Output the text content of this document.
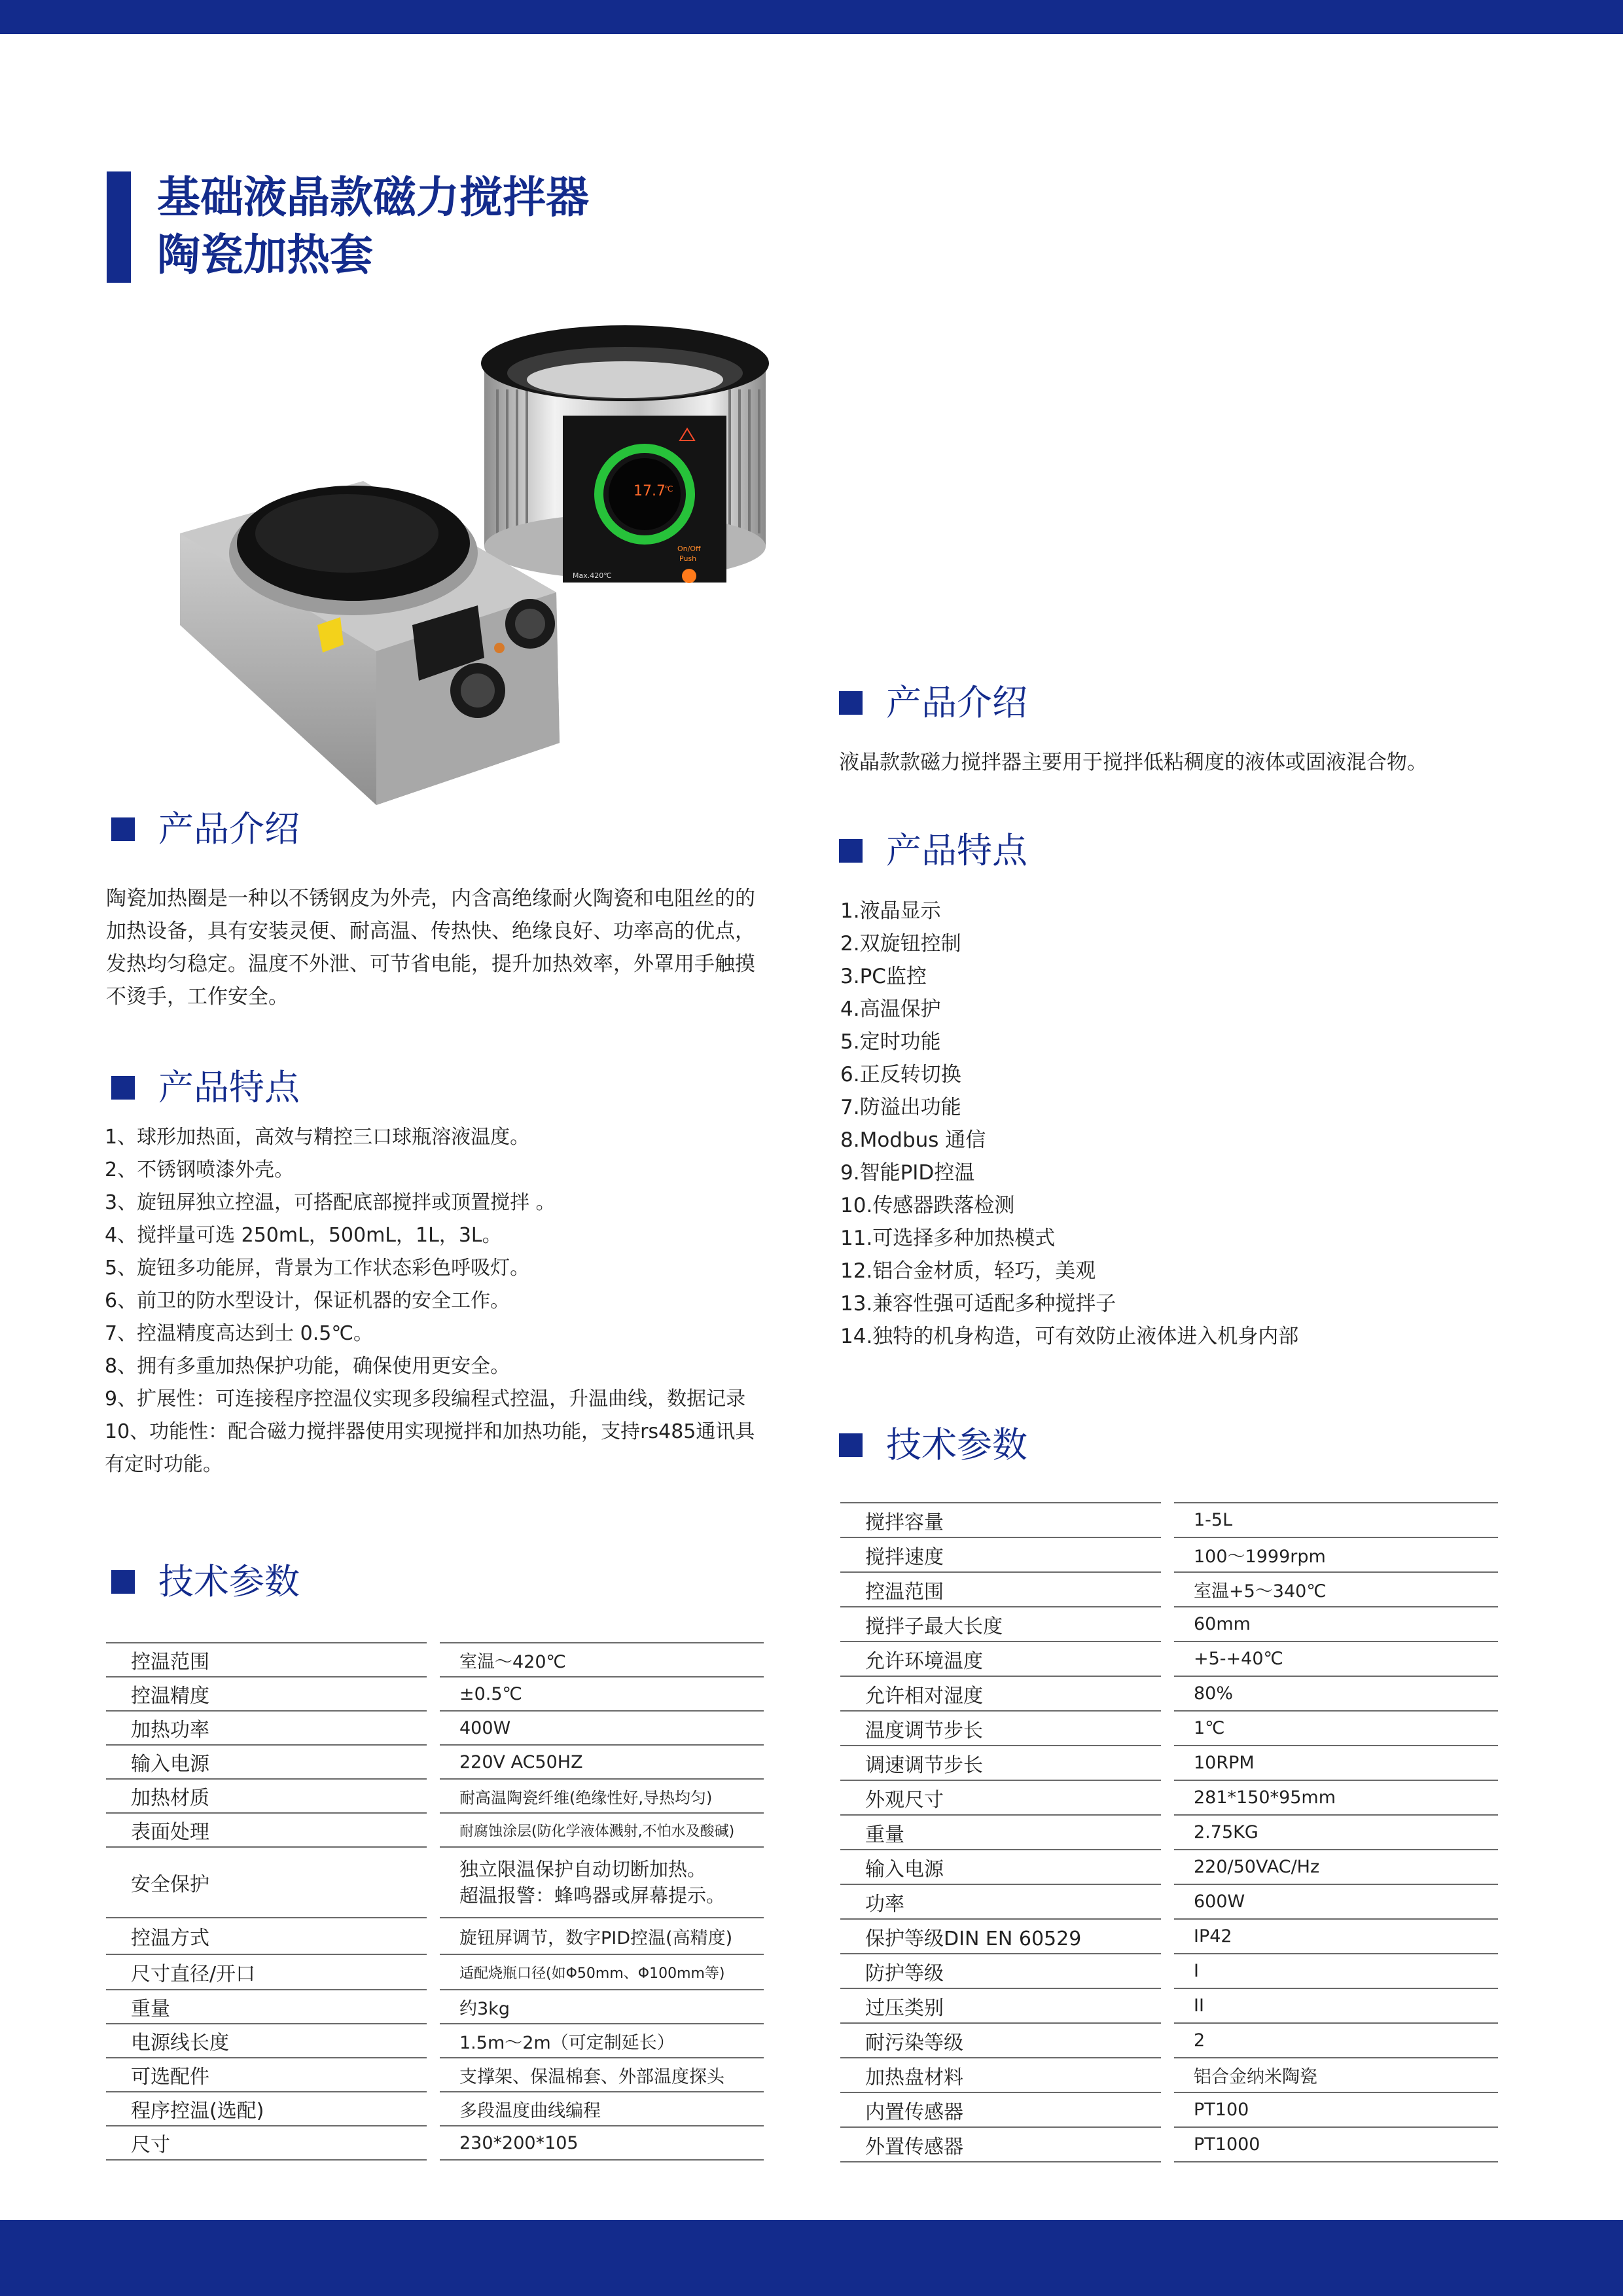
基础液晶款磁力搅拌器
陶瓷加热套
17.7
℃
On/Off
Push
Max.420℃
产品介绍
陶瓷加热圈是一种以不锈钢皮为外壳，内含高绝缘耐火陶瓷和电阻丝的的加热设备，具有安装灵便、耐高温、传热快、绝缘良好、功率高的优点，发热均匀稳定。温度不外泄、可节省电能，提升加热效率，外罩用手触摸不烫手，工作安全。
产品特点
1、球形加热面，高效与精控三口球瓶溶液温度。
2、不锈钢喷漆外壳。
3、旋钮屏独立控温，可搭配底部搅拌或顶置搅拌 。
4、搅拌量可选 250mL，500mL，1L，3L。
5、旋钮多功能屏，背景为工作状态彩色呼吸灯。
6、前卫的防水型设计，保证机器的安全工作。
7、控温精度高达到士 0.5℃。
8、拥有多重加热保护功能，确保使用更安全。
9、扩展性：可连接程序控温仪实现多段编程式控温，升温曲线，数据记录
10、功能性：配合磁力搅拌器使用实现搅拌和加热功能，支持rs485通讯具有定时功能。
技术参数
控温范围		室温～420℃
控温精度		±0.5℃
加热功率		400W
输入电源		220V AC50HZ
加热材质		耐高温陶瓷纤维(绝缘性好,导热均匀)
表面处理		耐腐蚀涂层(防化学液体溅射,不怕水及酸碱)
安全保护		独立限温保护自动切断加热。
超温报警：蜂鸣器或屏幕提示。

控温方式		旋钮屏调节，数字PID控温(高精度)
尺寸直径/开口		适配烧瓶口径(如Φ50mm、Φ100mm等)
重量		约3kg
电源线长度		1.5m～2m（可定制延长）
可选配件		支撑架、保温棉套、外部温度探头
程序控温(选配)		多段温度曲线编程
尺寸		230*200*105
产品介绍
液晶款款磁力搅拌器主要用于搅拌低粘稠度的液体或固液混合物。
产品特点
1.液晶显示
2.双旋钮控制
3.PC监控
4.高温保护
5.定时功能
6.正反转切换
7.防溢出功能
8.Modbus 通信
9.智能PID控温
10.传感器跌落检测
11.可选择多种加热模式
12.铝合金材质，轻巧，美观
13.兼容性强可适配多种搅拌子
14.独特的机身构造，可有效防止液体进入机身内部
技术参数
搅拌容量		1-5L
搅拌速度		100～1999rpm
控温范围		室温+5～340℃
搅拌子最大长度		60mm
允许环境温度		+5-+40℃
允许相对湿度		80%
温度调节步长		1℃
调速调节步长		10RPM
外观尺寸		281*150*95mm
重量		2.75KG
输入电源		220/50VAC/Hz
功率		600W
保护等级DIN EN 60529		IP42
防护等级		I
过压类别		II
耐污染等级		2
加热盘材料		铝合金纳米陶瓷
内置传感器		PT100
外置传感器		PT1000
